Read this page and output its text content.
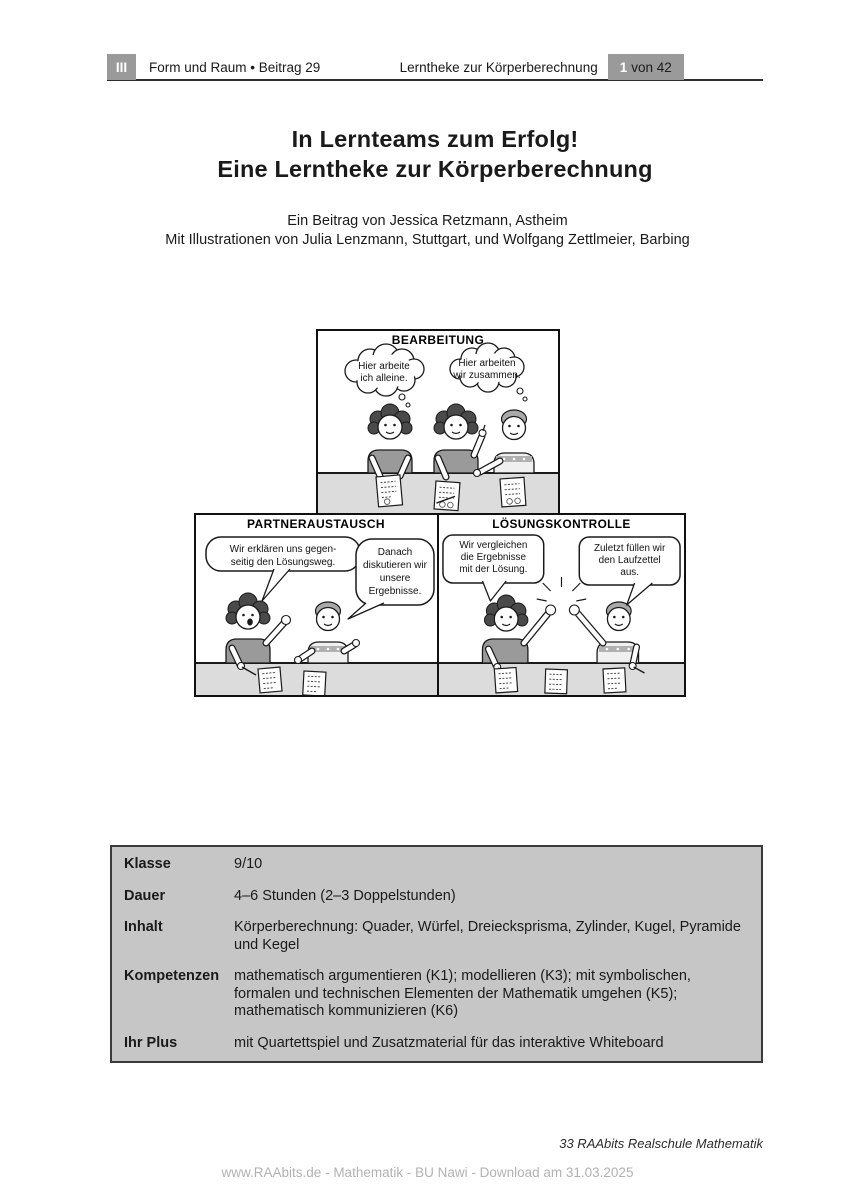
III Form und Raum • Beitrag 29	Lerntheke zur Körperberechnung 1 von 42
In Lernteams zum Erfolg!
Eine Lerntheke zur Körperberechnung
Ein Beitrag von Jessica Retzmann, Astheim
Mit Illustrationen von Julia Lenzmann, Stuttgart, und Wolfgang Zettlmeier, Barbing
Hier arbeite
ich alleine.
Hier arbeiten
wir zusammen.
BEARBEITUNG
Wir erklären uns gegen-
seitig den Lösungsweg.
Danach
diskutieren wir
unsere
Ergebnisse.
PARTNERAUSTAUSCH
Wir vergleichen
die Ergebnisse
mit der Lösung.
Zuletzt füllen wir
den Laufzettel
aus.
LÖSUNGSKONTROLLE
Klasse	9/10
Dauer	4–6 Stunden (2–3 Doppelstunden)
Inhalt	Körperberechnung: Quader, Würfel, Dreiecksprisma, Zylinder, Kugel, Pyramide und Kegel
Kompetenzen	mathematisch argumentieren (K1); modellieren (K3); mit symbolischen, formalen und technischen Elementen der Mathematik umgehen (K5); mathematisch kommunizieren (K6)
Ihr Plus	mit Quartettspiel und Zusatzmaterial für das interaktive Whiteboard
33 RAAbits Realschule Mathematik
www.RAAbits.de - Mathematik - BU Nawi - Download am 31.03.2025
